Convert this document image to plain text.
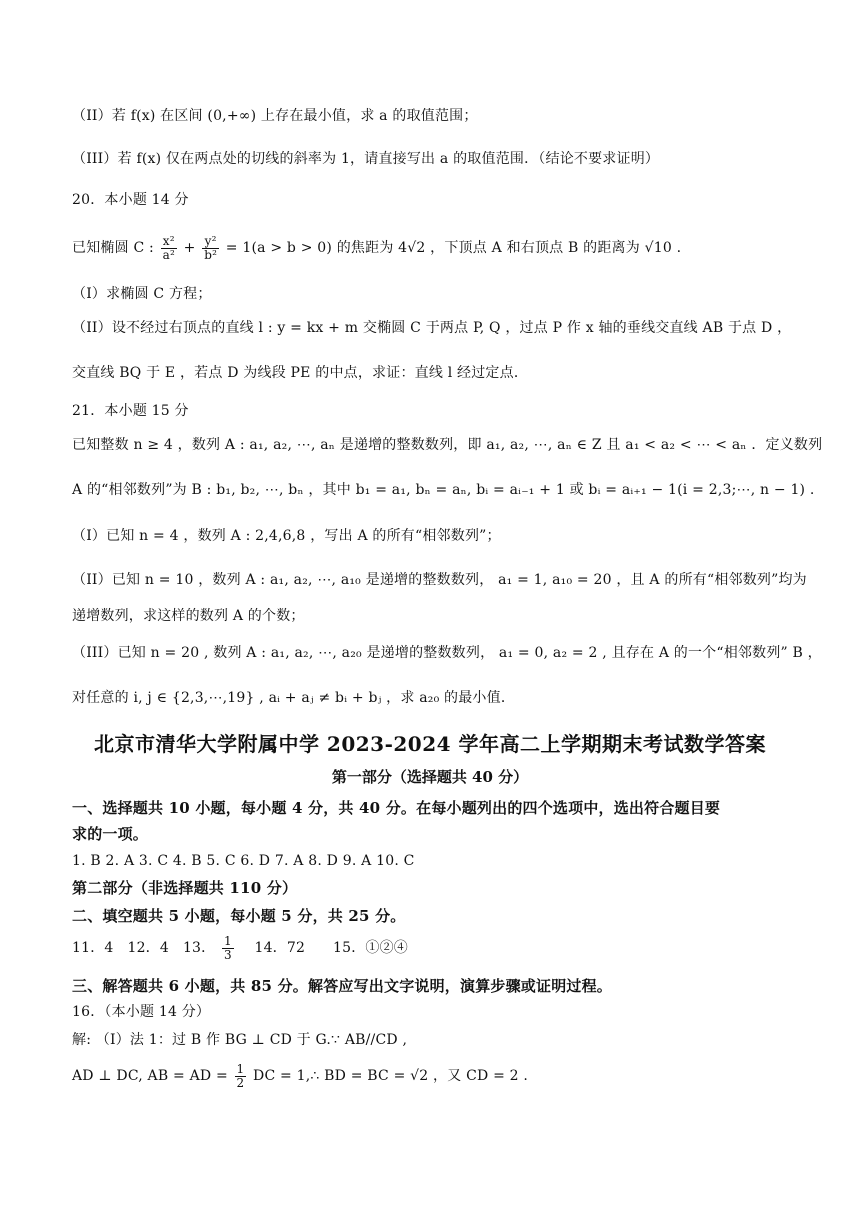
（II）若 f(x) 在区间 (0,+∞) 上存在最小值，求 a 的取值范围；
（III）若 f(x) 仅在两点处的切线的斜率为 1，请直接写出 a 的取值范围．（结论不要求证明）
20．本小题 14 分
已知椭圆 C : $\frac{\text{x²}}{\text{a²}} + \frac{\text{y²}}{\text{b²}} = 1(a > b > 0)$ 的焦距为 4√2 ，下顶点 A 和右顶点 B 的距离为 √10 .
（I）求椭圆 C 方程；
（II）设不经过右顶点的直线 l : y = kx + m 交椭圆 C 于两点 P, Q ，过点 P 作 x 轴的垂线交直线 AB 于点 D ，
交直线 BQ 于 E ，若点 D 为线段 PE 的中点，求证：直线 l 经过定点．
21．本小题 15 分
已知整数 n ≥ 4 ，数列 A : a₁, a₂, ⋯, aₙ 是递增的整数数列，即 a₁, a₂, ⋯, aₙ ∈ Z 且 a₁ < a₂ < ⋯ < aₙ ．定义数列
A 的“相邻数列”为 B : b₁, b₂, ⋯, bₙ ，其中 b₁ = a₁, bₙ = aₙ, bᵢ = aᵢ₋₁ + 1 或 bᵢ = aᵢ₊₁ − 1(i = 2,3;⋯, n − 1) .
（I）已知 n = 4 ，数列 A : 2,4,6,8 ，写出 A 的所有“相邻数列”；
（II）已知 n = 10 ，数列 A : a₁, a₂, ⋯, a₁₀ 是递增的整数数列， a₁ = 1, a₁₀ = 20 ，且 A 的所有“相邻数列”均为
递增数列，求这样的数列 A 的个数；
（III）已知 n = 20 , 数列 A : a₁, a₂, ⋯, a₂₀ 是递增的整数数列， a₁ = 0, a₂ = 2 , 且存在 A 的一个“相邻数列” B ，
对任意的 i, j ∈ {2,3,⋯,19} , aᵢ + aⱼ ≠ bᵢ + bⱼ ，求 a₂₀ 的最小值．
北京市清华大学附属中学 2023-2024 学年高二上学期期末考试数学答案
第一部分（选择题共 40 分）
一、选择题共 10 小题，每小题 4 分，共 40 分。在每小题列出的四个选项中，选出符合题目要
求的一项。
1. B 2. A 3. C 4. B 5. C 6. D 7. A 8. D 9. A 10. C
第二部分（非选择题共 110 分）
二、填空题共 5 小题，每小题 5 分，共 25 分。
11．4   12．4   13． $\frac{1}{3} 14$．72      15．①②④
三、解答题共 6 小题，共 85 分。解答应写出文字说明，演算步骤或证明过程。
16．（本小题 14 分）
解: （I）法 1：过 B 作 BG ⊥ CD 于 G.∵ AB//CD ,
AD ⊥ DC, AB = AD = $\frac{1}{2}$ DC = 1,∴ BD = BC = √2 ，又 CD = 2 .
